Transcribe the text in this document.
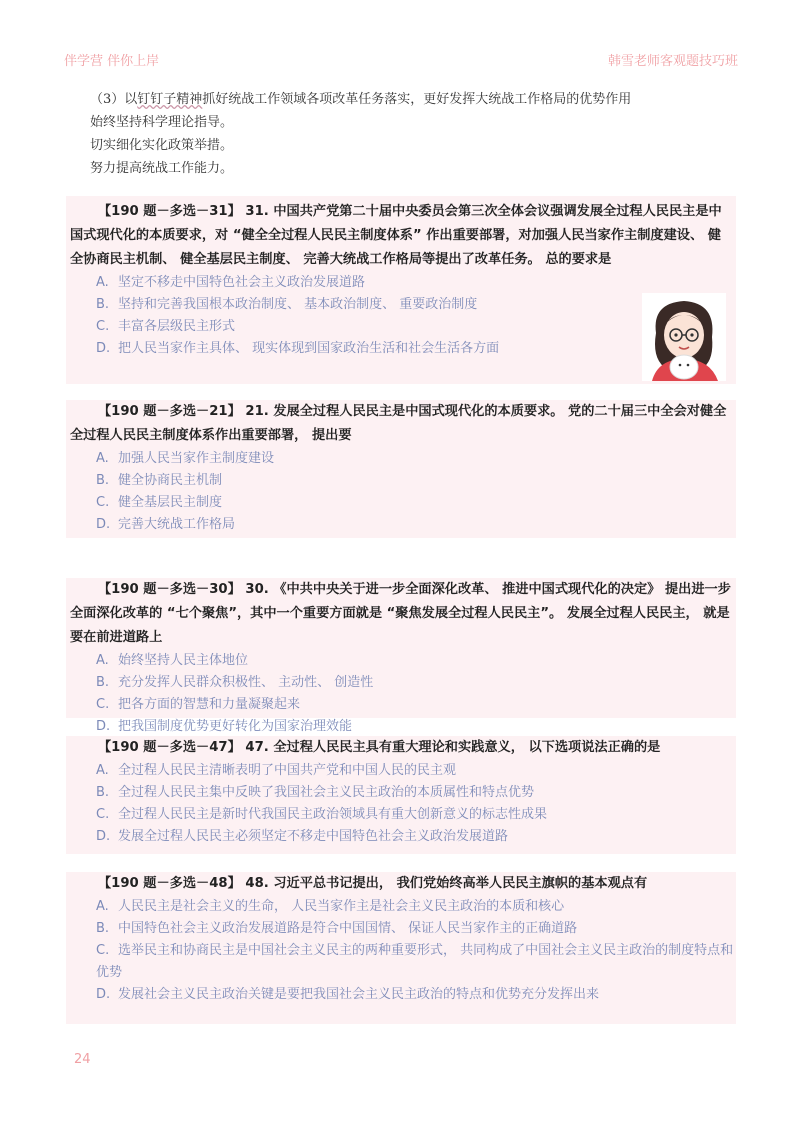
伴学营 伴你上岸	韩雪老师客观题技巧班
（3）以钉钉子精神抓好统战工作领域各项改革任务落实，更好发挥大统战工作格局的优势作用
始终坚持科学理论指导。
切实细化实化政策举措。
努力提高统战工作能力。
【190 题－多选－31】 31. 中国共产党第二十届中央委员会第三次全体会议强调发展全过程人民民主是中国式现代化的本质要求，对 “健全全过程人民民主制度体系” 作出重要部署，对加强人民当家作主制度建设、 健全协商民主机制、 健全基层民主制度、 完善大统战工作格局等提出了改革任务。 总的要求是
A. 坚定不移走中国特色社会主义政治发展道路
B. 坚持和完善我国根本政治制度、 基本政治制度、 重要政治制度
C. 丰富各层级民主形式
D. 把人民当家作主具体、 现实体现到国家政治生活和社会生活各方面
【190 题－多选－21】 21. 发展全过程人民民主是中国式现代化的本质要求。 党的二十届三中全会对健全全过程人民民主制度体系作出重要部署， 提出要
A. 加强人民当家作主制度建设
B. 健全协商民主机制
C. 健全基层民主制度
D. 完善大统战工作格局
【190 题－多选－30】 30. 《中共中央关于进一步全面深化改革、 推进中国式现代化的决定》 提出进一步全面深化改革的 “七个聚焦”，其中一个重要方面就是 “聚焦发展全过程人民民主”。 发展全过程人民民主， 就是要在前进道路上
A. 始终坚持人民主体地位
B. 充分发挥人民群众积极性、 主动性、 创造性
C. 把各方面的智慧和力量凝聚起来
D. 把我国制度优势更好转化为国家治理效能
【190 题－多选－47】 47. 全过程人民民主具有重大理论和实践意义， 以下选项说法正确的是
A. 全过程人民民主清晰表明了中国共产党和中国人民的民主观
B. 全过程人民民主集中反映了我国社会主义民主政治的本质属性和特点优势
C. 全过程人民民主是新时代我国民主政治领域具有重大创新意义的标志性成果
D. 发展全过程人民民主必须坚定不移走中国特色社会主义政治发展道路
【190 题－多选－48】 48. 习近平总书记提出， 我们党始终高举人民民主旗帜的基本观点有
A. 人民民主是社会主义的生命， 人民当家作主是社会主义民主政治的本质和核心
B. 中国特色社会主义政治发展道路是符合中国国情、 保证人民当家作主的正确道路
C. 选举民主和协商民主是中国社会主义民主的两种重要形式， 共同构成了中国社会主义民主政治的制度特点和优势
D. 发展社会主义民主政治关键是要把我国社会主义民主政治的特点和优势充分发挥出来
24
